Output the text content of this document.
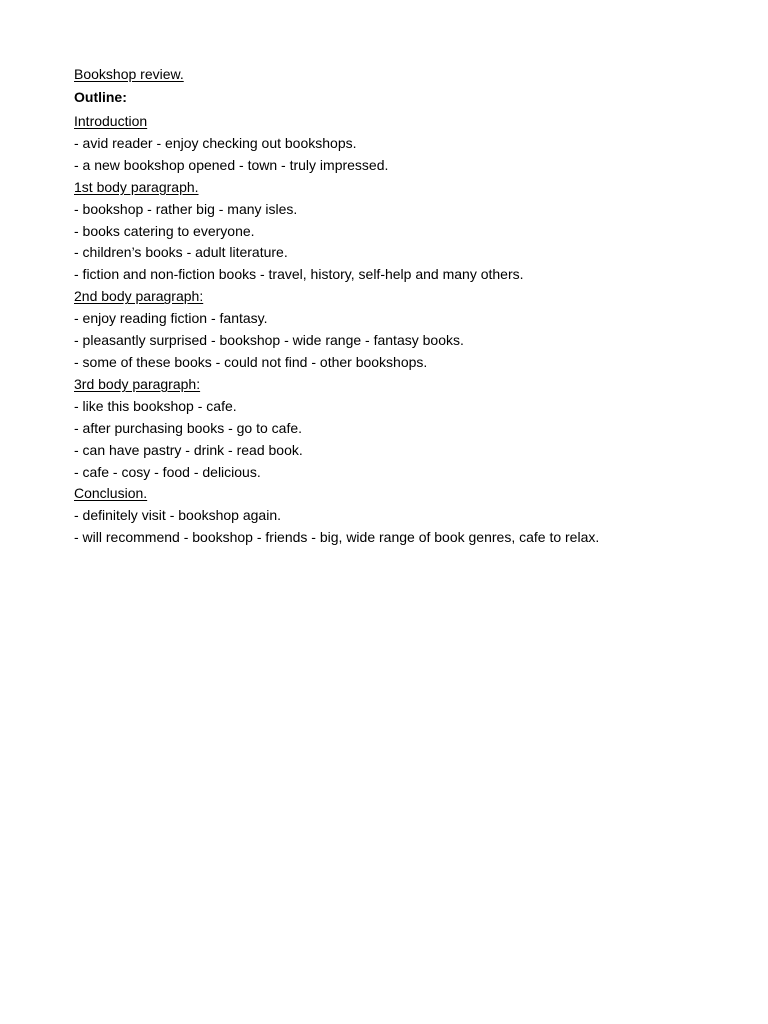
Bookshop review.
Outline:
Introduction
- avid reader - enjoy checking out bookshops.
- a new bookshop opened - town - truly impressed.
1st body paragraph.
- bookshop - rather big - many isles.
- books catering to everyone.
- children’s books - adult literature.
- fiction and non-fiction books - travel, history, self-help and many others.
2nd body paragraph:
- enjoy reading fiction - fantasy.
- pleasantly surprised - bookshop - wide range - fantasy books.
- some of these books - could not find - other bookshops.
3rd body paragraph:
- like this bookshop - cafe.
- after purchasing books - go to cafe.
- can have pastry - drink - read book.
- cafe - cosy - food - delicious.
Conclusion.
- definitely visit - bookshop again.
- will recommend - bookshop - friends - big, wide range of book genres, cafe to relax.
